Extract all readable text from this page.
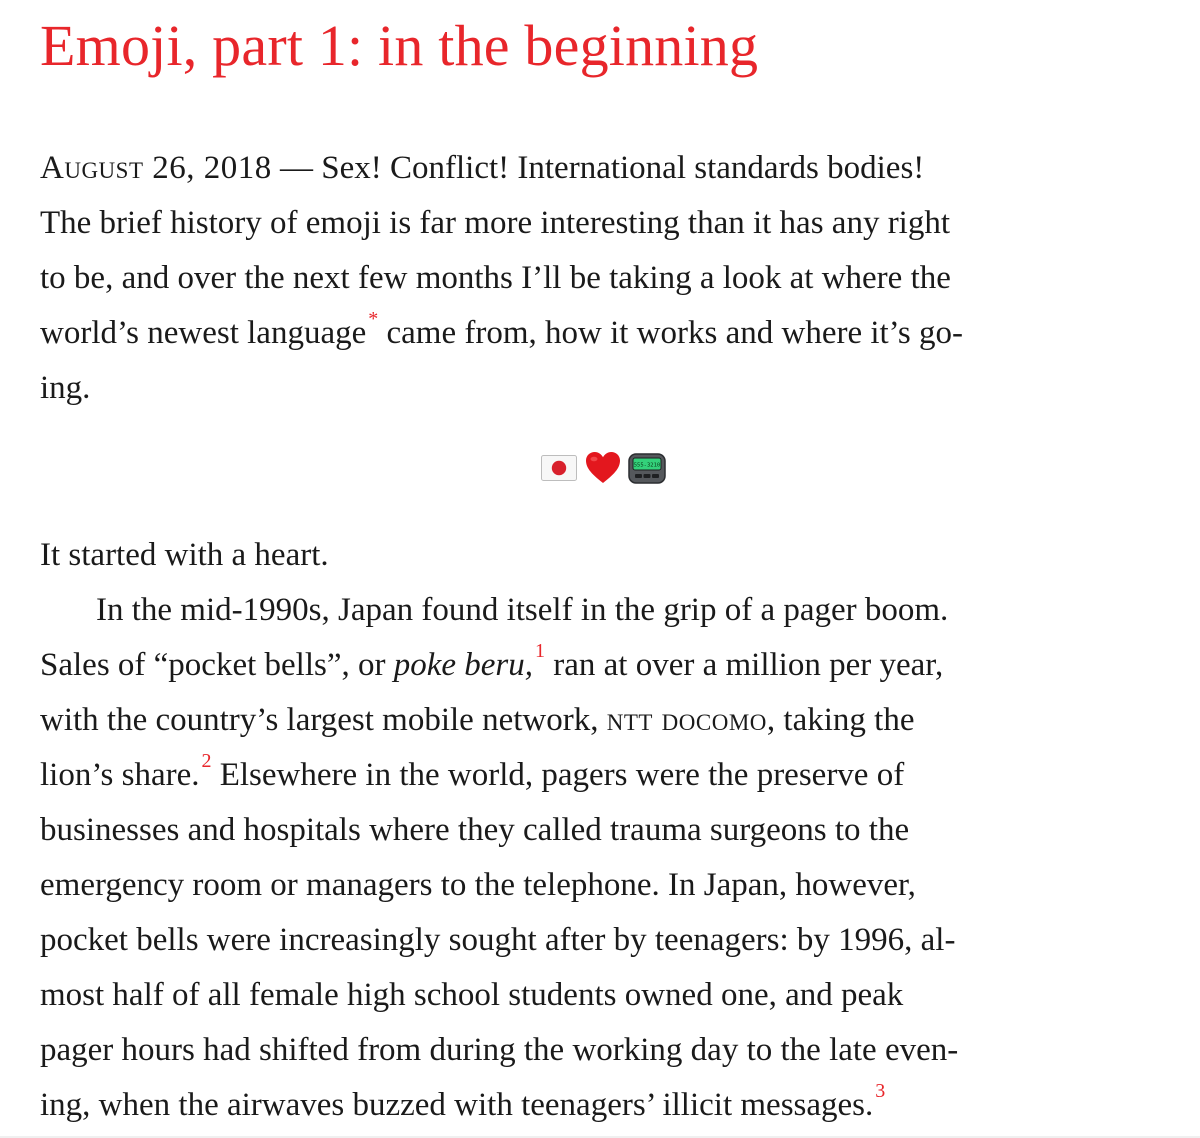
Emoji, part 1: in the beginning

August 26, 2018 — Sex! Conflict! International standards bodies!

The brief history of emoji is far more interesting than it has any right

to be, and over the next few months I’ll be taking a look at where the

world’s newest language * came from, how it works and where it’s go-

ing.

555-3210

It started with a heart.

In the mid-1990s, Japan found itself in the grip of a pager boom.

Sales of “pocket bells”, or poke beru, $^1$ ran at over a million per year,

with the country’s largest mobile network, ntt docomo, taking the

lion’s share. $^2$ Elsewhere in the world, pagers were the preserve of

businesses and hospitals where they called trauma surgeons to the

emergency room or managers to the telephone. In Japan, however,

pocket bells were increasingly sought after by teenagers: by 1996, al-

most half of all female high school students owned one, and peak

pager hours had shifted from during the working day to the late even-

ing, when the airwaves buzzed with teenagers’ illicit messages. $^3$
